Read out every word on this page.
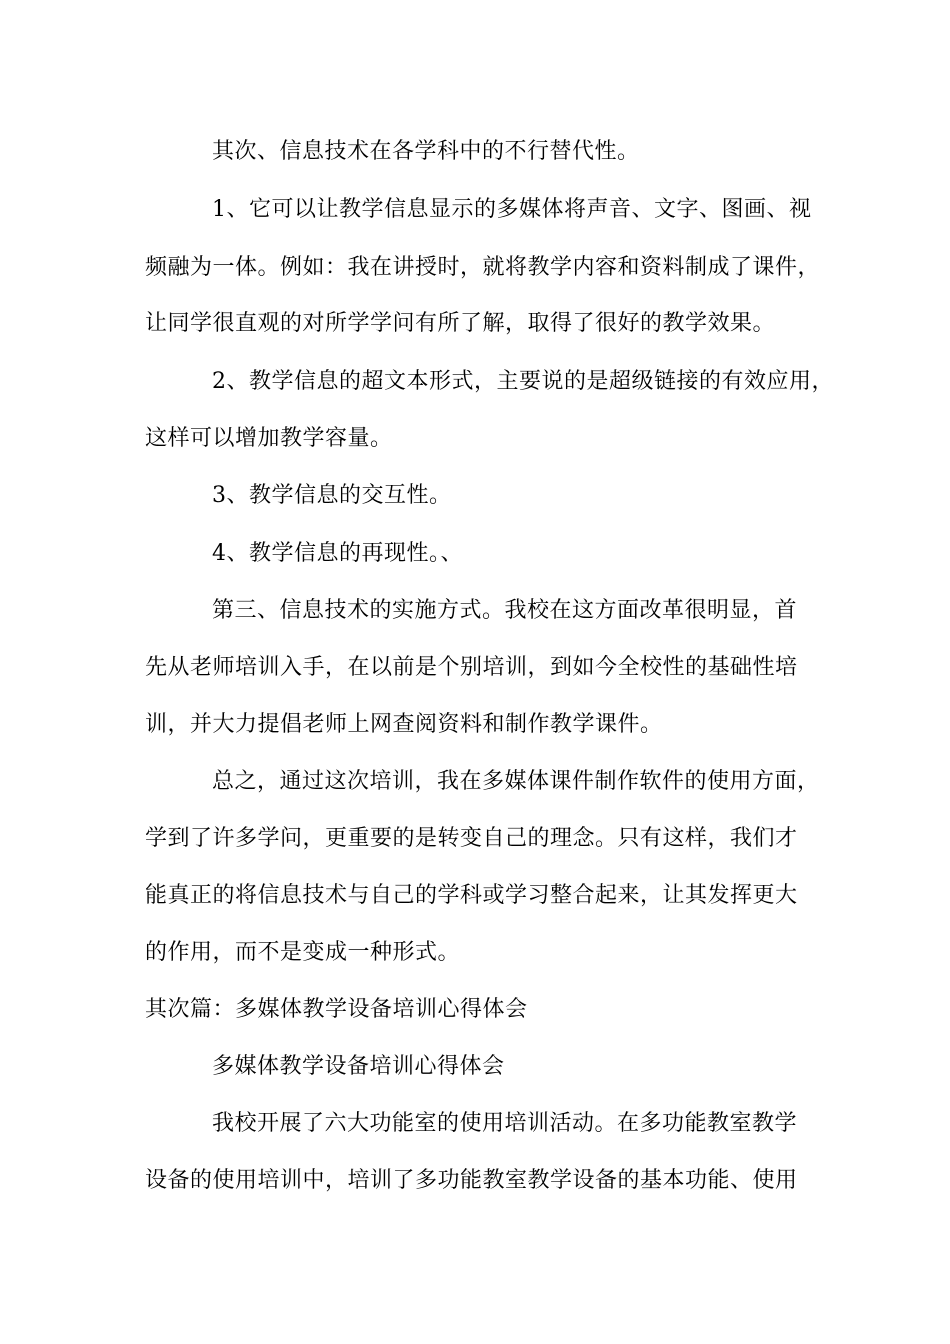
其次、信息技术在各学科中的不行替代性。
1、它可以让教学信息显示的多媒体将声音、文字、图画、视
频融为一体。例如：我在讲授时，就将教学内容和资料制成了课件，
让同学很直观的对所学学问有所了解，取得了很好的教学效果。
2、教学信息的超文本形式，主要说的是超级链接的有效应用，
这样可以增加教学容量。
3、教学信息的交互性。
4、教学信息的再现性。、
第三、信息技术的实施方式。我校在这方面改革很明显，首
先从老师培训入手，在以前是个别培训，到如今全校性的基础性培
训，并大力提倡老师上网查阅资料和制作教学课件。
总之，通过这次培训，我在多媒体课件制作软件的使用方面，
学到了许多学问，更重要的是转变自己的理念。只有这样，我们才
能真正的将信息技术与自己的学科或学习整合起来，让其发挥更大
的作用，而不是变成一种形式。
其次篇：多媒体教学设备培训心得体会
多媒体教学设备培训心得体会
我校开展了六大功能室的使用培训活动。在多功能教室教学
设备的使用培训中，培训了多功能教室教学设备的基本功能、使用
